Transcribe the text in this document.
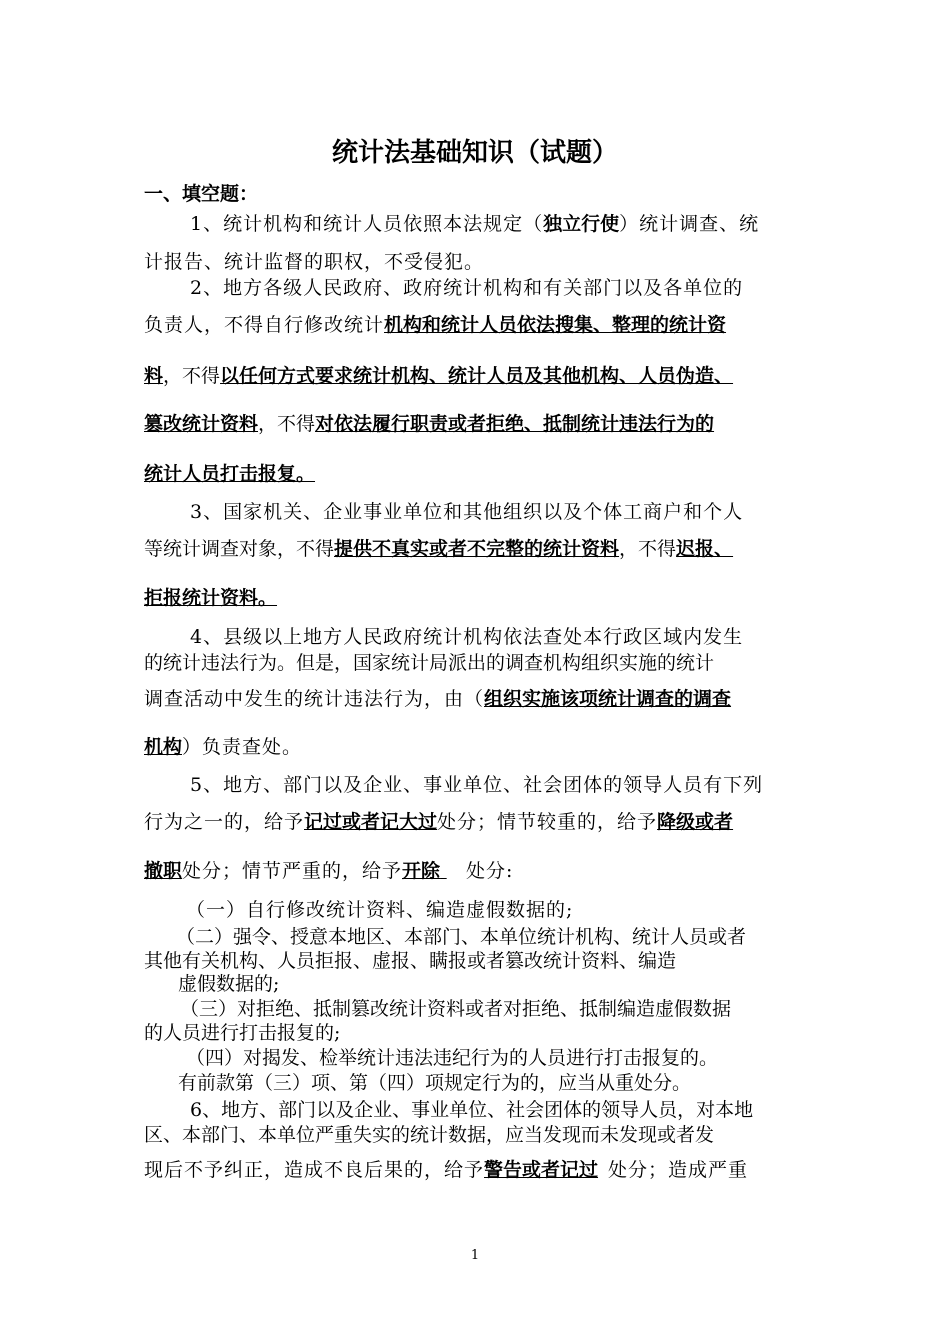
统计法基础知识（试题）
一、填空题：
1、统计机构和统计人员依照本法规定（独立行使）统计调查、统
计报告、统计监督的职权，不受侵犯。
2、地方各级人民政府、政府统计机构和有关部门以及各单位的
负责人，不得自行修改统计机构和统计人员依法搜集、整理的统计资
料，不得以任何方式要求统计机构、统计人员及其他机构、人员伪造、
篡改统计资料，不得对依法履行职责或者拒绝、抵制统计违法行为的
统计人员打击报复。
3、国家机关、企业事业单位和其他组织以及个体工商户和个人
等统计调查对象，不得提供不真实或者不完整的统计资料，不得迟报、
拒报统计资料。
4、县级以上地方人民政府统计机构依法查处本行政区域内发生
的统计违法行为。但是，国家统计局派出的调查机构组织实施的统计
调查活动中发生的统计违法行为，由（组织实施该项统计调查的调查
机构）负责查处。
5、地方、部门以及企业、事业单位、社会团体的领导人员有下列
行为之一的，给予记过或者记大过处分；情节较重的，给予降级或者
撤职处分；情节严重的，给予开除 处分:
（一）自行修改统计资料、编造虚假数据的;
（二）强令、授意本地区、本部门、本单位统计机构、统计人员或者
其他有关机构、人员拒报、虚报、瞒报或者篡改统计资料、编造
虚假数据的;
（三）对拒绝、抵制篡改统计资料或者对拒绝、抵制编造虚假数据
的人员进行打击报复的;
（四）对揭发、检举统计违法违纪行为的人员进行打击报复的。
有前款第（三）项、第（四）项规定行为的，应当从重处分。
6、地方、部门以及企业、事业单位、社会团体的领导人员，对本地
区、本部门、本单位严重失实的统计数据，应当发现而未发现或者发
现后不予纠正，造成不良后果的，给予警告或者记过 处分；造成严重
1
